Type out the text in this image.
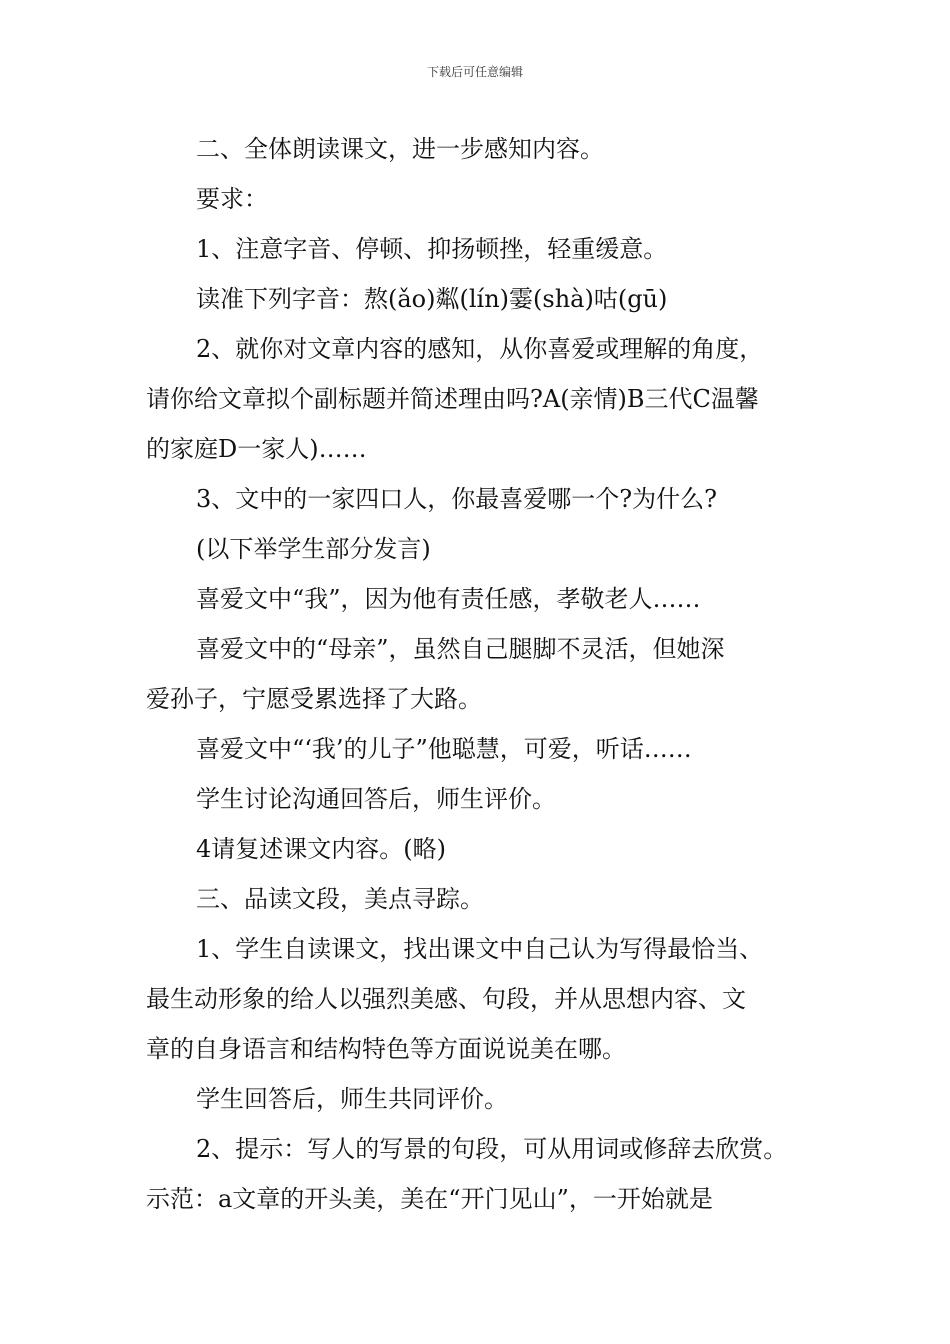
下载后可任意编辑
二、全体朗读课文，进一步感知内容。
要求：
1、注意字音、停顿、抑扬顿挫，轻重缓意。
读准下列字音：熬(ǎo)粼(lín)霎(shà)咕(gū)
2、就你对文章内容的感知，从你喜爱或理解的角度，
请你给文章拟个副标题并简述理由吗?A(亲情)B三代C温馨
的家庭D一家人)……
3、文中的一家四口人，你最喜爱哪一个?为什么?
(以下举学生部分发言)
喜爱文中“我”，因为他有责任感，孝敬老人……
喜爱文中的“母亲”，虽然自己腿脚不灵活，但她深
爱孙子，宁愿受累选择了大路。
喜爱文中“‘我’的儿子”他聪慧，可爱，听话……
学生讨论沟通回答后，师生评价。
4请复述课文内容。(略)
三、品读文段，美点寻踪。
1、学生自读课文，找出课文中自己认为写得最恰当、
最生动形象的给人以强烈美感、句段，并从思想内容、文
章的自身语言和结构特色等方面说说美在哪。
学生回答后，师生共同评价。
2、提示：写人的写景的句段，可从用词或修辞去欣赏。
示范：a文章的开头美，美在“开门见山”，一开始就是
